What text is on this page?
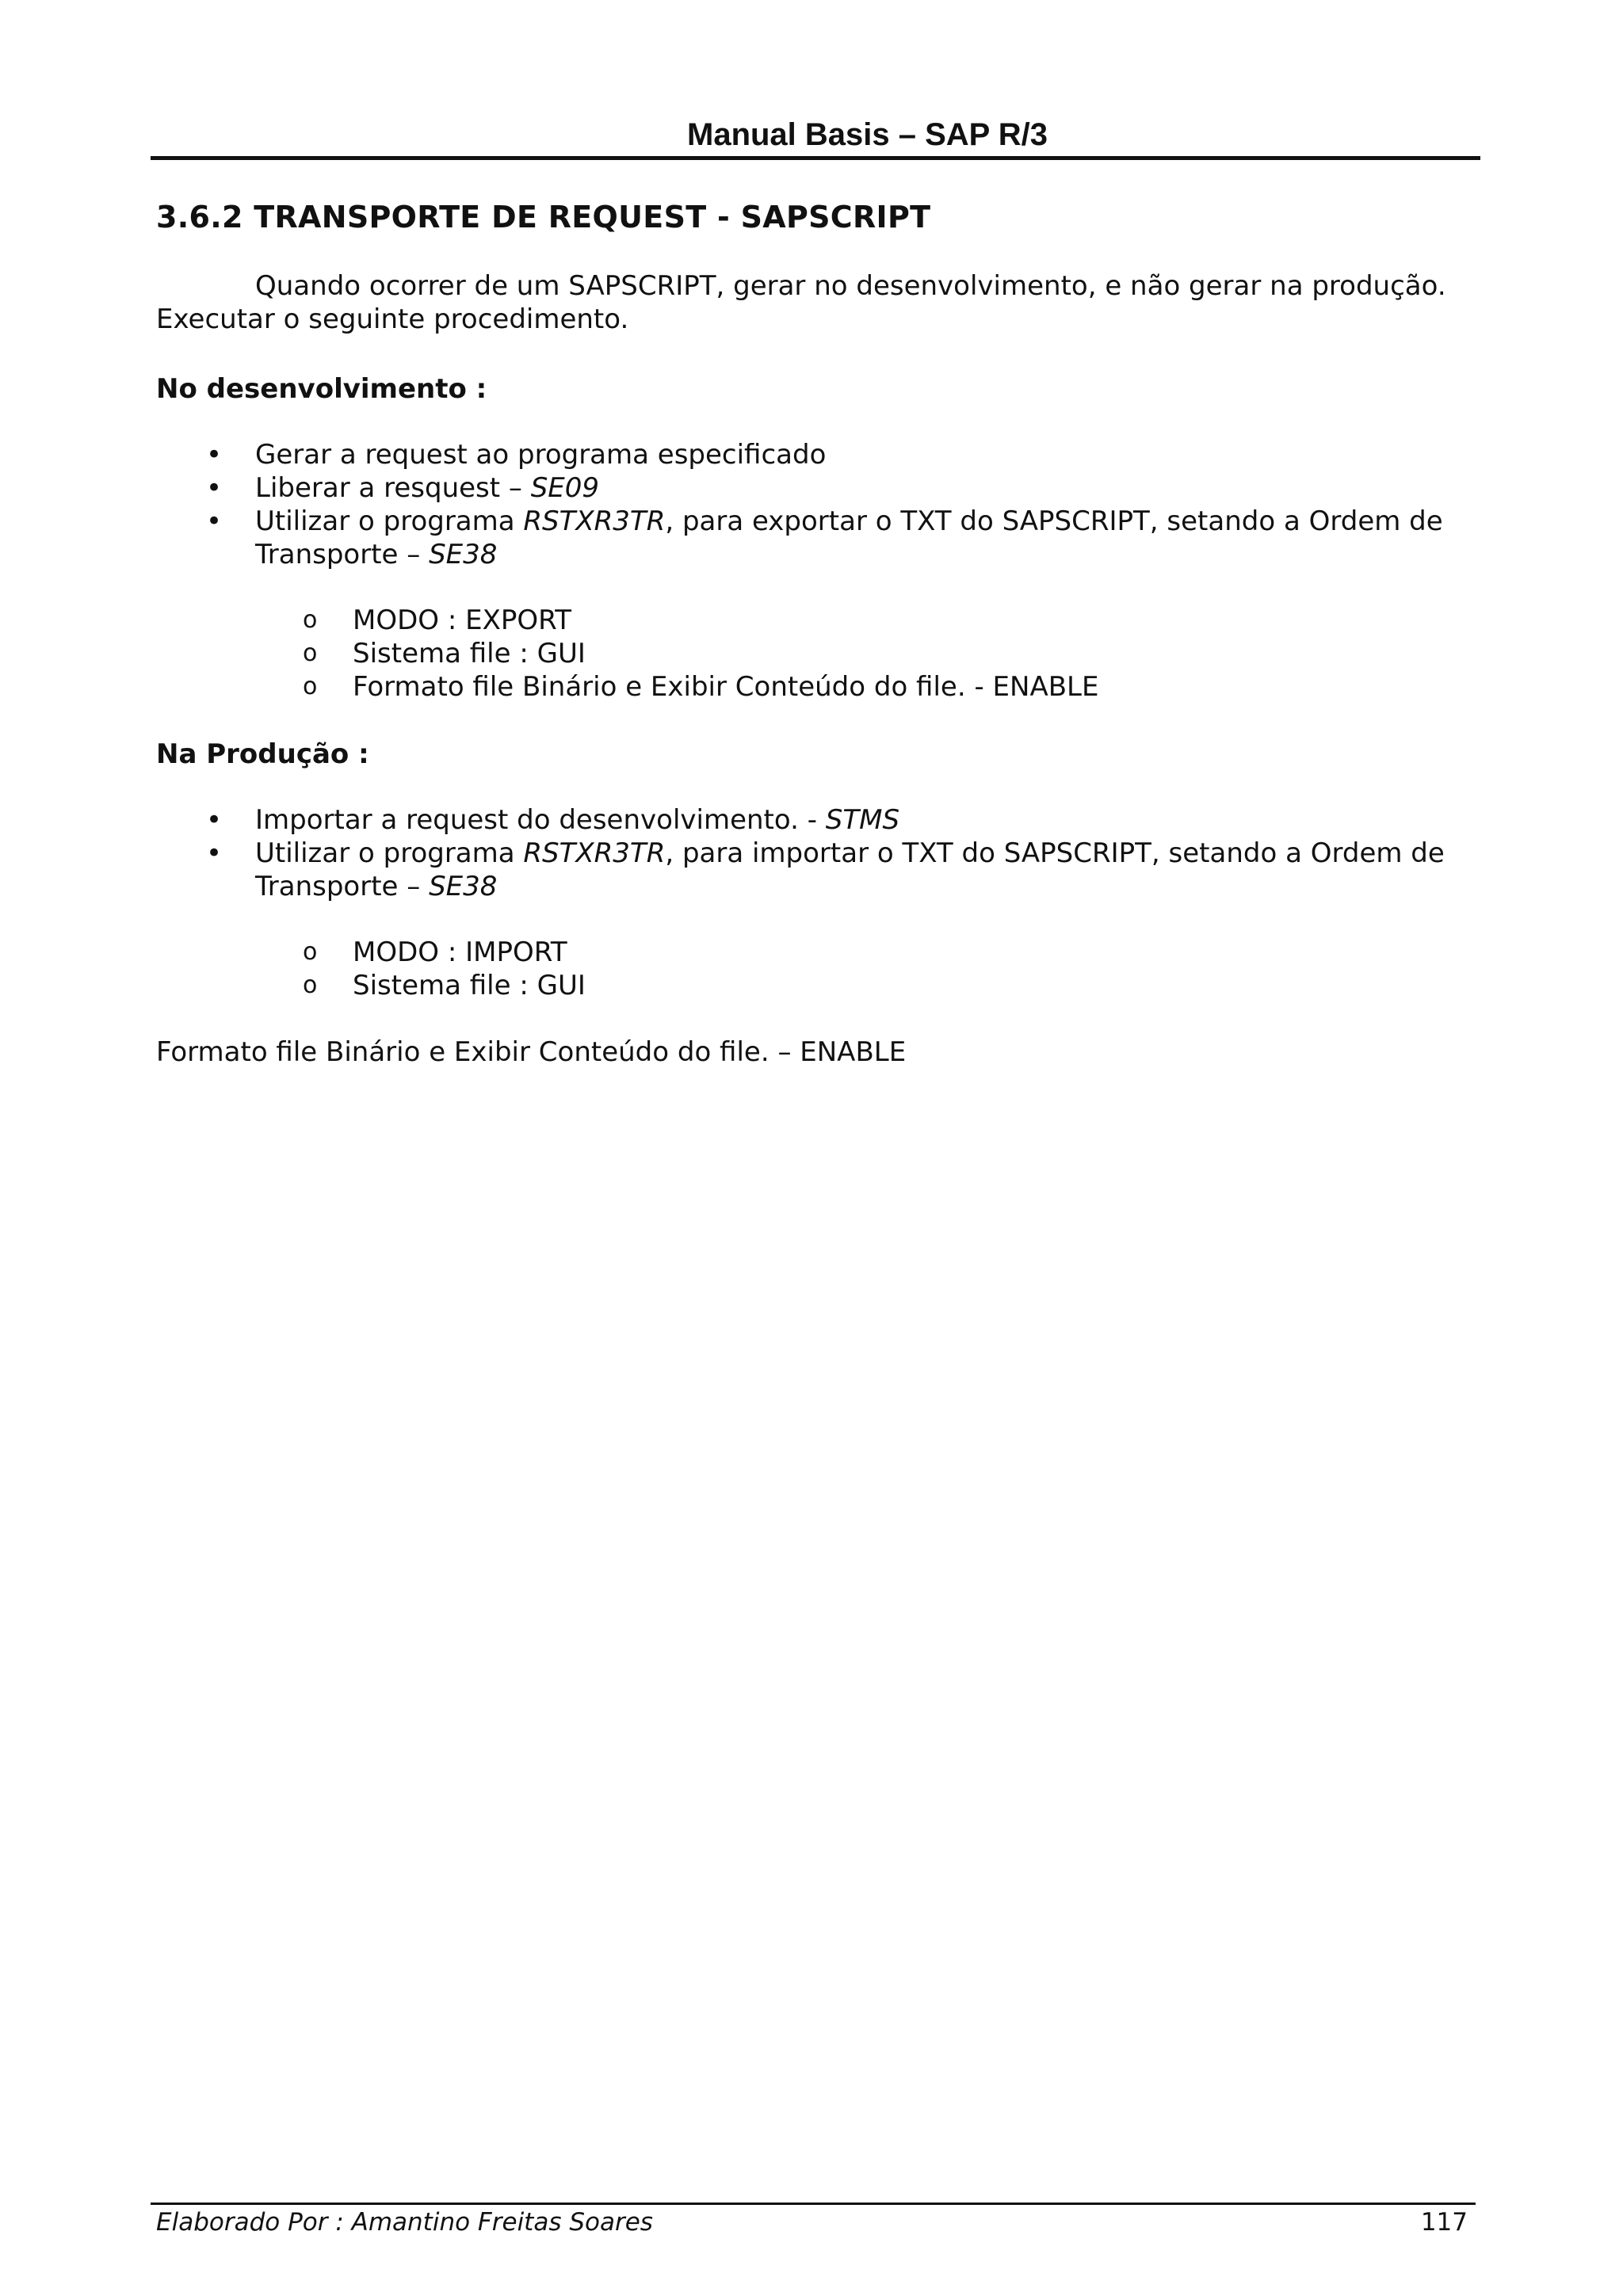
Manual Basis – SAP R/3
3.6.2 TRANSPORTE DE REQUEST - SAPSCRIPT
Quando ocorrer de um SAPSCRIPT, gerar no desenvolvimento, e não gerar na produção.
Executar o seguinte procedimento.
No desenvolvimento :
• Gerar a request ao programa especificado
• Liberar a resquest – SE09
• Utilizar o programa RSTXR3TR, para exportar o TXT do SAPSCRIPT, setando a Ordem de
Transporte – SE38
o MODO : EXPORT
o Sistema file : GUI
o Formato file Binário e Exibir Conteúdo do file. - ENABLE
Na Produção :
• Importar a request do desenvolvimento. - STMS
• Utilizar o programa RSTXR3TR, para importar o TXT do SAPSCRIPT, setando a Ordem de
Transporte – SE38
o MODO : IMPORT
o Sistema file : GUI
Formato file Binário e Exibir Conteúdo do file. – ENABLE
Elaborado Por : Amantino Freitas Soares	117
